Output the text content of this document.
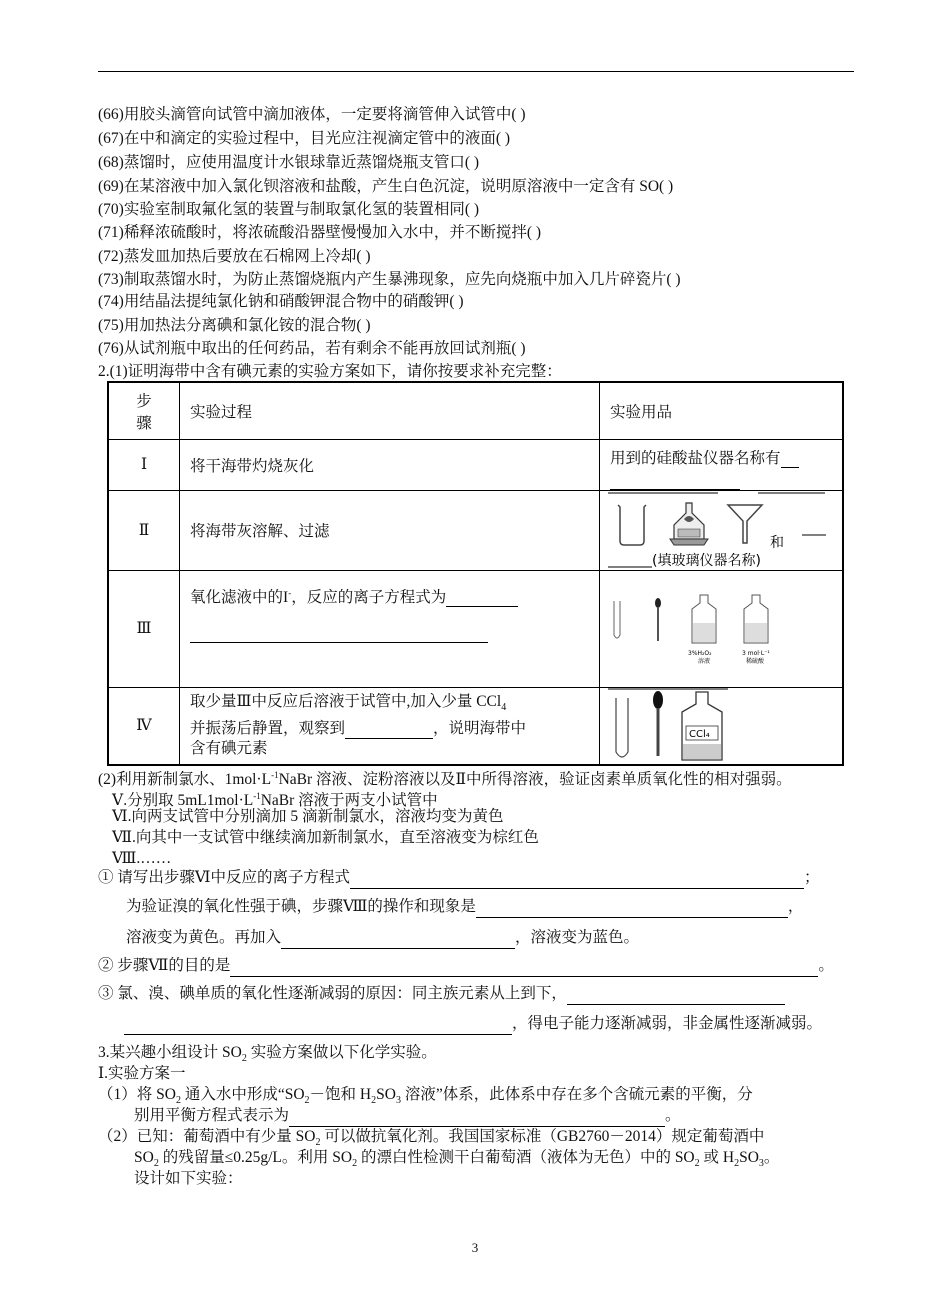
(66)用胶头滴管向试管中滴加液体，一定要将滴管伸入试管中( )
(67)在中和滴定的实验过程中，目光应注视滴定管中的液面( )
(68)蒸馏时，应使用温度计水银球靠近蒸馏烧瓶支管口( )
(69)在某溶液中加入氯化钡溶液和盐酸，产生白色沉淀，说明原溶液中一定含有 SO( )
(70)实验室制取氟化氢的装置与制取氯化氢的装置相同( )
(71)稀释浓硫酸时，将浓硫酸沿器壁慢慢加入水中，并不断搅拌( )
(72)蒸发皿加热后要放在石棉网上冷却( )
(73)制取蒸馏水时，为防止蒸馏烧瓶内产生暴沸现象，应先向烧瓶中加入几片碎瓷片( )
(74)用结晶法提纯氯化钠和硝酸钾混合物中的硝酸钾( )
(75)用加热法分离碘和氯化铵的混合物( )
(76)从试剂瓶中取出的任何药品，若有剩余不能再放回试剂瓶( )
2.(1)证明海带中含有碘元素的实验方案如下，请你按要求补充完整：
步
骤	实验过程	实验用品
Ⅰ	将干海带灼烧灰化	用到的硅酸盐仪器名称有

Ⅱ	将海带灰溶解、过滤	和
(填玻璃仪器名称)

Ⅲ	氧化滤液中的I-，反应的离子方程式为	3%H₂O₂
溶液
3 mol·L⁻¹
稀硫酸

Ⅳ	取少量Ⅲ中反应后溶液于试管中,加入少量 CCl$_4$
并振荡后静置，观察到 ，说明海带中
含有碘元素	CCl₄
(2)利用新制氯水、$1mol\cdot L^{-1}NaBr$ 溶液、淀粉溶液以及Ⅱ中所得溶液，验证卤素单质氧化性的相对强弱。
Ⅴ.分别取 $5mL1mol\cdot L^{-1}NaBr$ 溶液于两支小试管中
Ⅵ.向两支试管中分别滴加 5 滴新制氯水，溶液均变为黄色
Ⅶ.向其中一支试管中继续滴加新制氯水，直至溶液变为棕红色
Ⅷ.……
① 请写出步骤Ⅵ中反应的离子方程式	；
为验证溴的氧化性强于碘，步骤Ⅷ的操作和现象是	，
溶液变为黄色。再加入	，溶液变为蓝色。
② 步骤Ⅶ的目的是	。
③ 氯、溴、碘单质的氧化性逐渐减弱的原因：同主族元素从上到下，
，得电子能力逐渐减弱，非金属性逐渐减弱。
3.某兴趣小组设计 $SO_2$ 实验方案做以下化学实验。
Ⅰ.实验方案一
（1）将 $SO_2$ 通入水中形成“$SO_2-$饱和 $H_2SO_3$ 溶液”体系，此体系中存在多个含硫元素的平衡，分
别用平衡方程式表示为	。
（2）已知：葡萄酒中有少量 $SO_2$ 可以做抗氧化剂。我国国家标准（GB2760－2014）规定葡萄酒中
$SO_2$ 的残留量≤0.25g/L。利用 $SO_2$ 的漂白性检测干白葡萄酒（液体为无色）中的 $SO_2$ 或 $H_2SO_3$。
设计如下实验：
3
